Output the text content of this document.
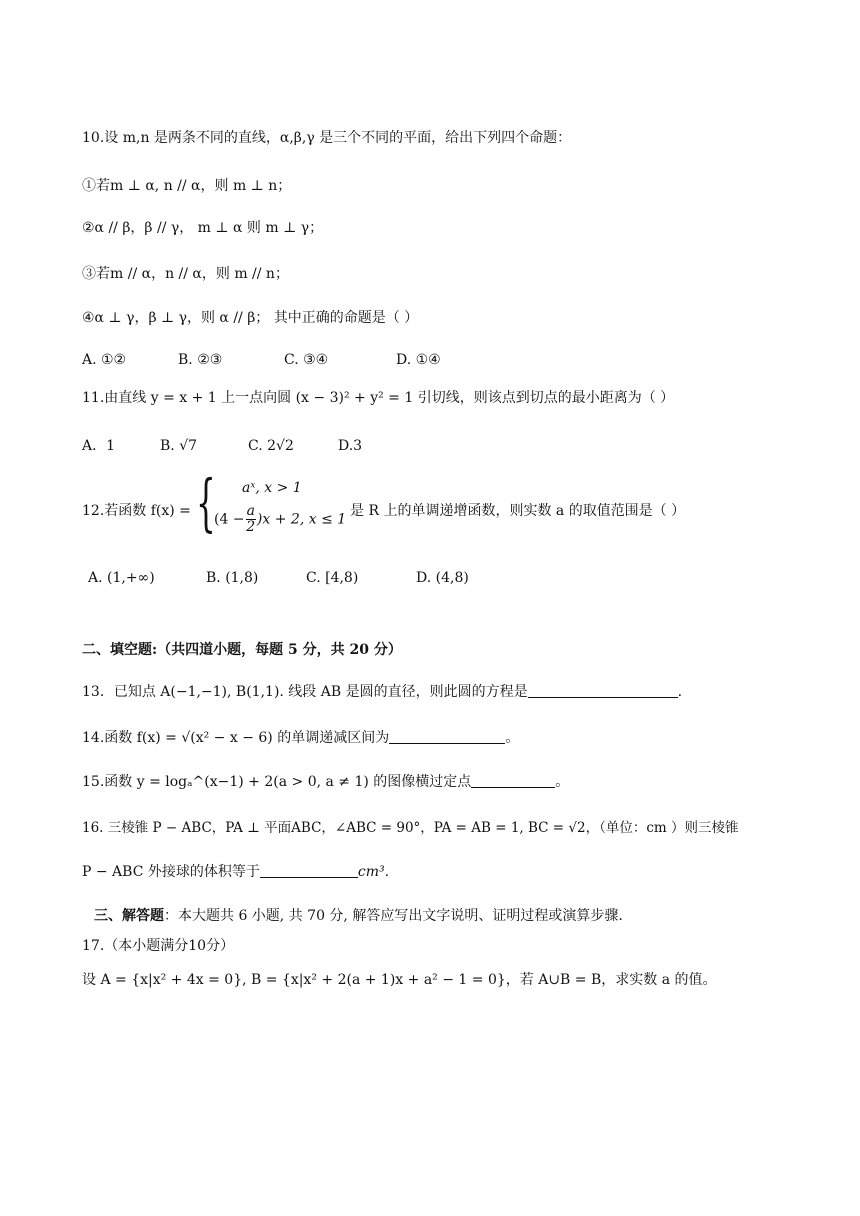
10.设 m,n 是两条不同的直线，α,β,γ 是三个不同的平面，给出下列四个命题：
①若m ⊥ α, n // α，则 m ⊥ n；
②α // β，β // γ， m ⊥ α 则 m ⊥ γ；
③若m // α，n // α，则 m // n；
④α ⊥ γ，β ⊥ γ，则 α // β； 其中正确的命题是（ ）
A. ①②	B. ②③	C. ③④	D. ①④
11.由直线 y = x + 1 上一点向圆 (x − 3)² + y² = 1 引切线，则该点到切点的最小距离为（ ）
A．1	B. √7	C. 2√2	D.3
12.若函数 f(x) = { aˣ, x > 1
$(4 - \frac{a}{2} )x + 2$, x ≤ 1
是 R 上的单调递增函数，则实数 a 的取值范围是（ ）
A. (1,+∞)	B. (1,8)	C. [4,8)	D. (4,8)
二、填空题:（共四道小题，每题 5 分，共 20 分）
13．已知点 A(−1,−1), B(1,1). 线段 AB 是圆的直径，则此圆的方程是	.
14.函数 f(x) = √(x² − x − 6) 的单调递减区间为	。
15.函数 y = logₐ^(x−1) + 2(a > 0, a ≠ 1) 的图像横过定点	。
16. 三棱锥 P − ABC，PA ⊥ 平面ABC，∠ABC = 90°，PA = AB = 1, BC = √2，（单位：cm ）则三棱锥
P − ABC 外接球的体积等于	cm³.
三、解答题：本大题共 6 小题, 共 70 分, 解答应写出文字说明、证明过程或演算步骤.
17.（本小题满分10分）
设 A = {x|x² + 4x = 0}, B = {x|x² + 2(a + 1)x + a² − 1 = 0}，若 A∪B = B，求实数 a 的值。
